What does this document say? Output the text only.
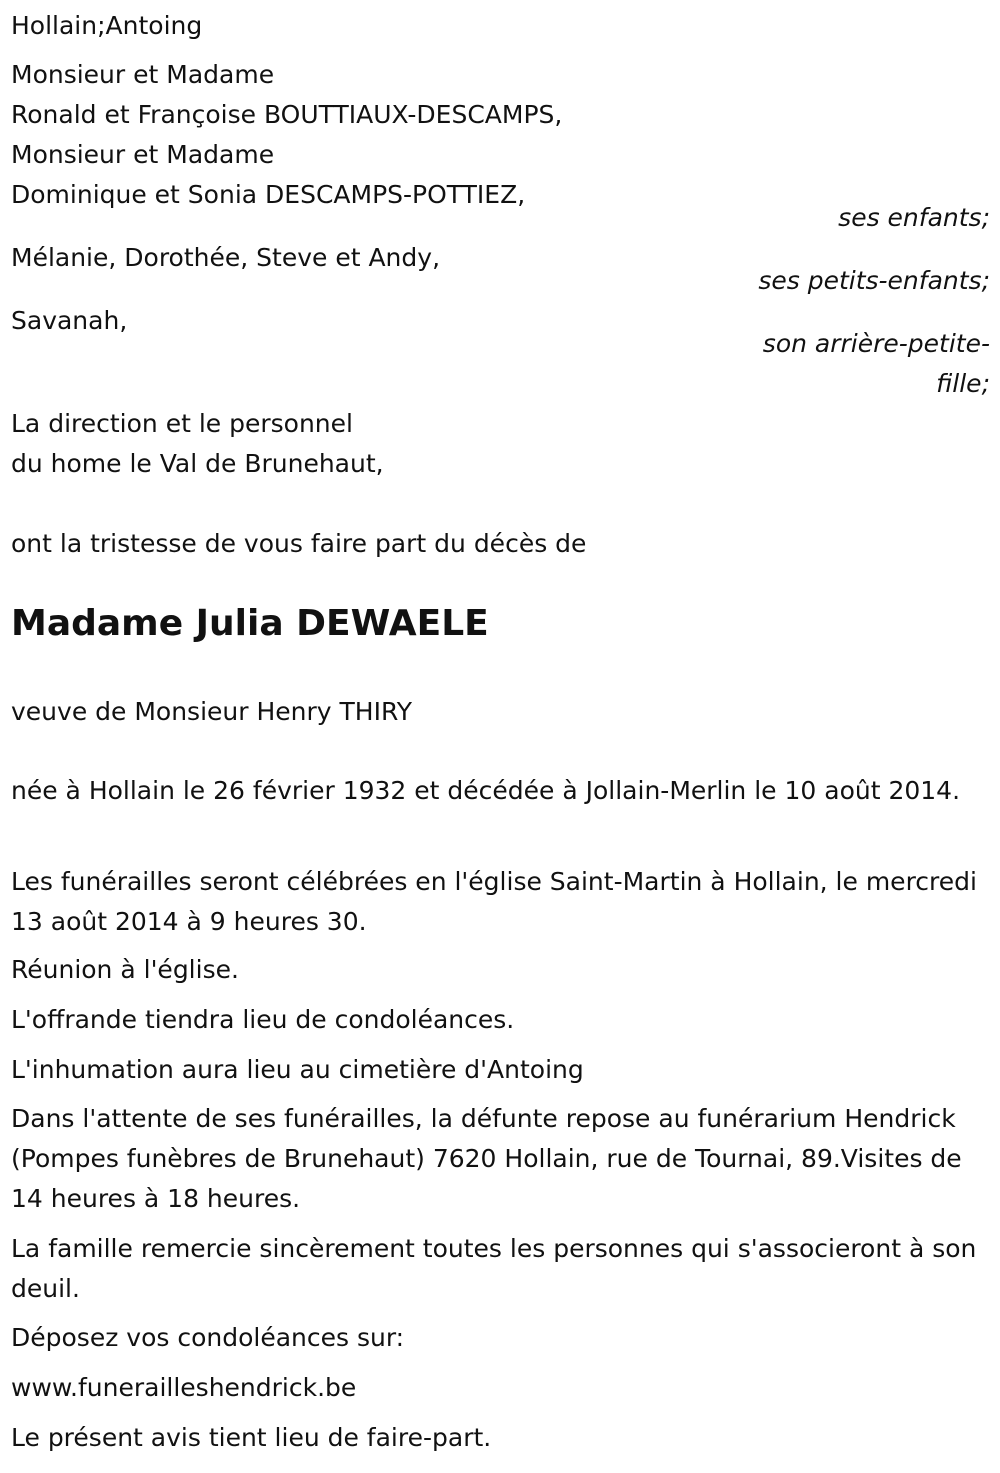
Hollain;Antoing
Monsieur et Madame
Ronald et Françoise BOUTTIAUX-DESCAMPS,
Monsieur et Madame
Dominique et Sonia DESCAMPS-POTTIEZ,
ses enfants;
Mélanie, Dorothée, Steve et Andy,
ses petits-enfants;
Savanah,
son arrière-petite-
fille;
La direction et le personnel
du home le Val de Brunehaut,
ont la tristesse de vous faire part du décès de
Madame Julia DEWAELE
veuve de Monsieur Henry THIRY
née à Hollain le 26 février 1932 et décédée à Jollain-Merlin le 10 août 2014.
Les funérailles seront célébrées en l'église Saint-Martin à Hollain, le mercredi 13 août 2014 à 9 heures 30.
Réunion à l'église.
L'offrande tiendra lieu de condoléances.
L'inhumation aura lieu au cimetière d'Antoing
Dans l'attente de ses funérailles, la défunte repose au funérarium Hendrick (Pompes funèbres de Brunehaut) 7620 Hollain, rue de Tournai, 89.Visites de 14 heures à 18 heures.
La famille remercie sincèrement toutes les personnes qui s'associeront à son deuil.
Déposez vos condoléances sur:
www.funerailleshendrick.be
Le présent avis tient lieu de faire-part.
